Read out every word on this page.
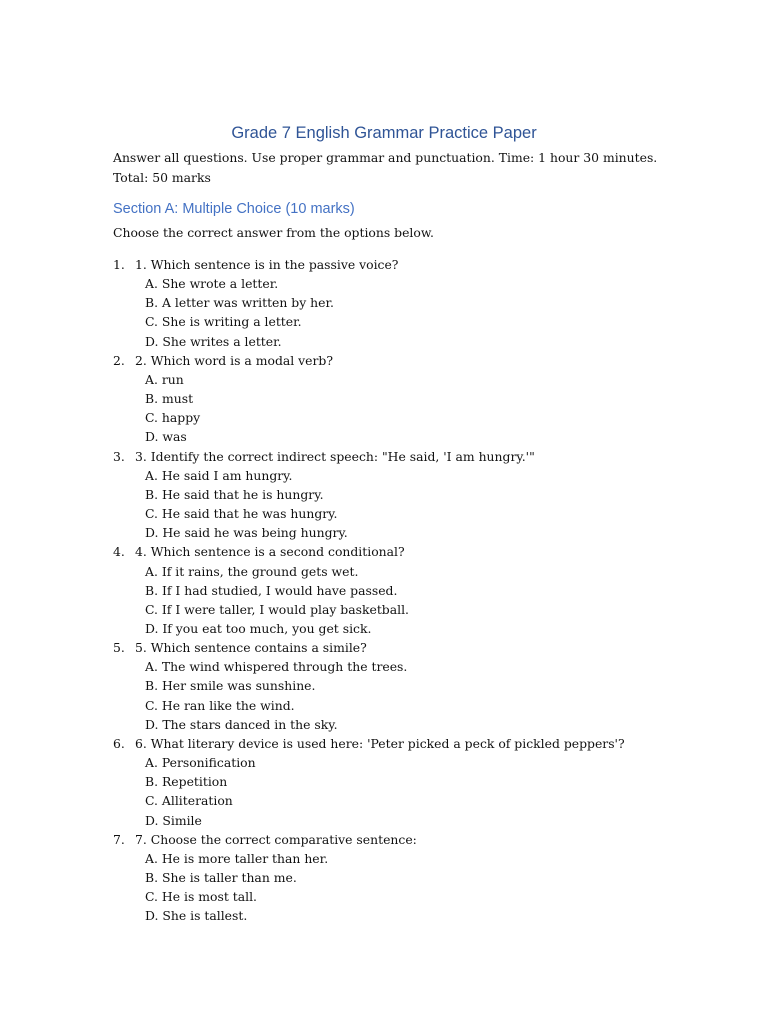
Grade 7 English Grammar Practice Paper
Answer all questions. Use proper grammar and punctuation. Time: 1 hour 30 minutes.
Total: 50 marks
Section A: Multiple Choice (10 marks)

Choose the correct answer from the options below.

1. 1. Which sentence is in the passive voice?
A. She wrote a letter.
B. A letter was written by her.
C. She is writing a letter.
D. She writes a letter.
2. 2. Which word is a modal verb?
A. run
B. must
C. happy
D. was
3. 3. Identify the correct indirect speech: "He said, 'I am hungry.'"
A. He said I am hungry.
B. He said that he is hungry.
C. He said that he was hungry.
D. He said he was being hungry.
4. 4. Which sentence is a second conditional?
A. If it rains, the ground gets wet.
B. If I had studied, I would have passed.
C. If I were taller, I would play basketball.
D. If you eat too much, you get sick.
5. 5. Which sentence contains a simile?
A. The wind whispered through the trees.
B. Her smile was sunshine.
C. He ran like the wind.
D. The stars danced in the sky.
6. 6. What literary device is used here: 'Peter picked a peck of pickled peppers'?
A. Personification
B. Repetition
C. Alliteration
D. Simile
7. 7. Choose the correct comparative sentence:
A. He is more taller than her.
B. She is taller than me.
C. He is most tall.
D. She is tallest.
